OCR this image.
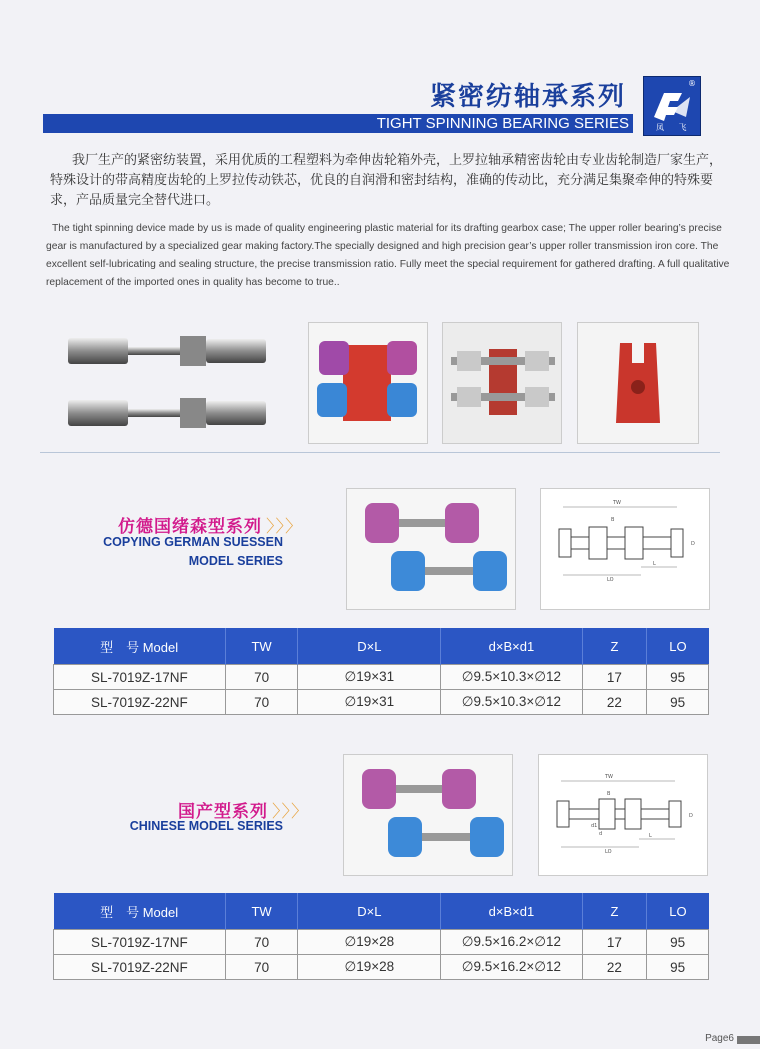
紧密纺轴承系列
TIGHT SPINNING BEARING SERIES
®
凤 飞
我厂生产的紧密纺装置，采用优质的工程塑料为牵伸齿轮箱外壳，上罗拉轴承精密齿轮由专业齿轮制造厂家生产，特殊设计的带高精度齿轮的上罗拉传动铁芯，优良的自润滑和密封结构，准确的传动比，充分满足集聚牵伸的特殊要求，产品质量完全替代进口。
The tight spinning device made by us is made of quality engineering plastic material for its drafting gearbox case; The upper roller bearing’s precise gear is manufactured by a specialized gear making factory.The specially designed and high precision gear’s upper roller transmission iron core. The excellent self-lubricating and sealing structure, the precise transmission ratio. Fully meet the special requirement for gathered drafting. A full qualitative replacement of the imported ones in quality has become to true..
仿德国绪森型系列 〉〉〉
COPYING GERMAN SUESSEN
MODEL SERIES
TW
B
D
LO
L
型　号 Model	TW	D×L	d×B×d1	Z	LO
SL-7019Z-17NF	70	∅19×31	∅9.5×10.3×∅12	17	95
SL-7019Z-22NF	70	∅19×31	∅9.5×10.3×∅12	22	95
国产型系列 〉〉〉
CHINESE MODEL SERIES
TW
B
d1
d
D
LO
L
型　号 Model	TW	D×L	d×B×d1	Z	LO
SL-7019Z-17NF	70	∅19×28	∅9.5×16.2×∅12	17	95
SL-7019Z-22NF	70	∅19×28	∅9.5×16.2×∅12	22	95
Page6
